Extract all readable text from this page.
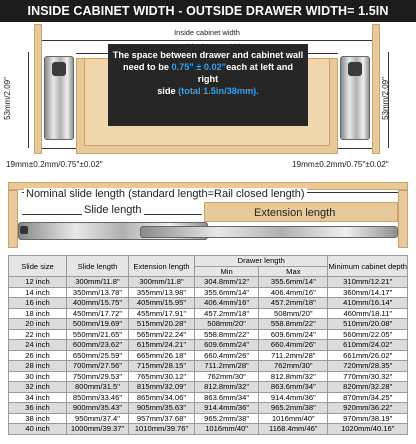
INSIDE CABINET WIDTH - OUTSIDE DRAWER WIDTH= 1.5IN
Inside cabinet width
53mm/2.09"	53mm/2.09"
19mm±0.2mm/0.75"±0.02"	19mm±0.2mm/0.75"±0.02"
The space between drawer and cabinet wall
need to be 0.75" ± 0.02"each at left and right
side (total 1.5in/38mm).
Nominal slide length (standard length=Rail closed length)
Slide length	Extension length
Slide size	Slide length	Extension length	Drawer length		Minimum cabinet depth
			Min	Max	
12 inch	300mm/11.8"	300mm/11.8"	304.8mm/12"	355.6mm/14"	310mm/12.21"
14 inch	350mm/13.78"	355mm/13.98"	355.6mm/14"	406.4mm/16"	360mm/14.17"
16 inch	400mm/15.75"	405mm/15.95"	406.4mm/16"	457.2mm/18"	410mm/16.14"
18 inch	450mm/17.72"	455mm/17.91"	457.2mm/18"	508mm/20"	460mm/18.11"
20 inch	500mm/19.69"	515mm/20.28"	508mm/20"	558.8mm/22"	510mm/20.08"
22 inch	550mm/21.65"	565mm/22.24"	558.8mm/22"	609.6mm/24"	560mm/22.05"
24 inch	600mm/23.62"	615mm/24.21"	609.6mm/24"	660.4mm/26"	610mm/24.02"
26 inch	650mm/25.59"	665mm/26.18"	660.4mm/26"	711.2mm/28"	661mm/26.02"
28 inch	700mm/27.56"	715mm/28.15"	711.2mm/28"	762mm/30"	720mm/28.35"
30 inch	750mm/29.53"	765mm/30.12"	762mm/30"	812.8mm/32"	770mm/30.32"
32 inch	800mm/31.5"	815mm/32.09"	812.8mm/32"	863.6mm/34"	820mm/32.28"
34 inch	850mm/33.46"	865mm/34.06"	863.6mm/34"	914.4mm/36"	870mm/34.25"
36 inch	900mm/35.43"	905mm/35.63"	914.4mm/36"	965.2mm/38"	920mm/36.22"
38 inch	950mm/37.4"	957mm/37.68"	965.2mm/38"	1016mm/40"	970mm/38.19"
40 inch	1000mm/39.37"	1010mm/39.76"	1016mm/40"	1168.4mm/46"	1020mm/40.16"
